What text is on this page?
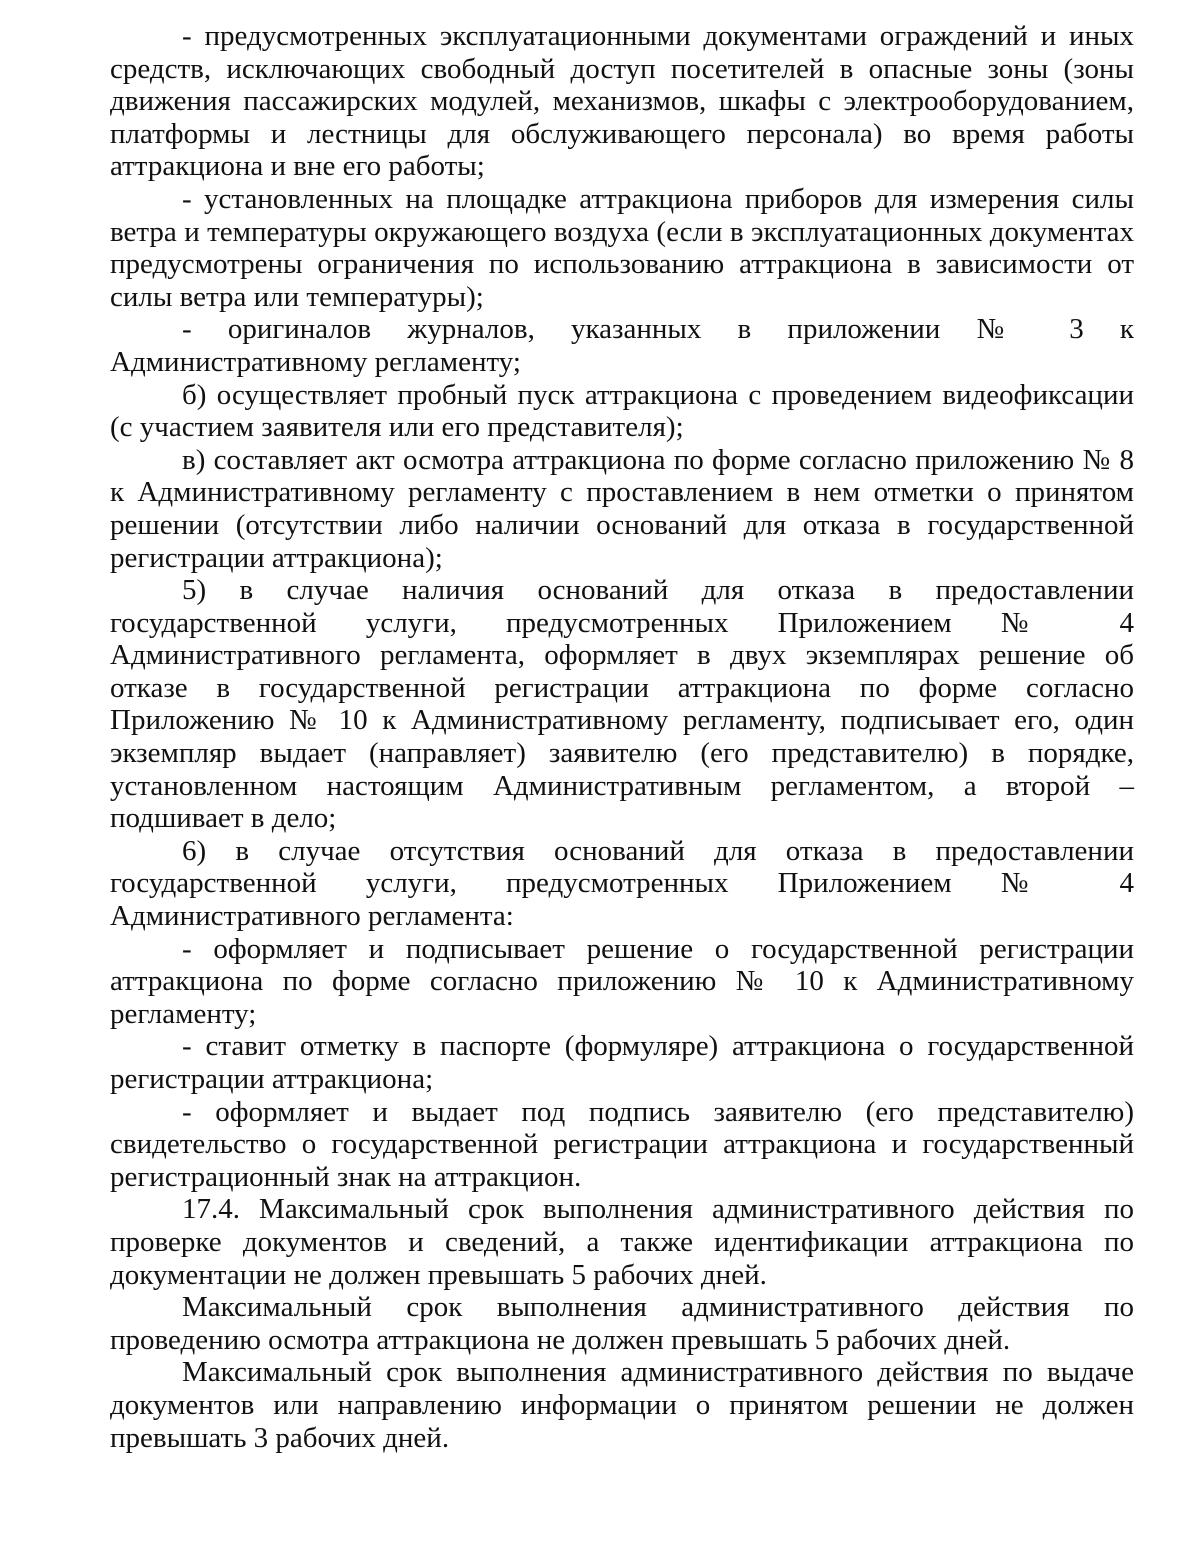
- предусмотренных эксплуатационными документами ограждений и иных средств, исключающих свободный доступ посетителей в опасные зоны (зоны движения пассажирских модулей, механизмов, шкафы с электрооборудованием, платформы и лестницы для обслуживающего персонала) во время работы аттракциона и вне его работы;

- установленных на площадке аттракциона приборов для измерения силы ветра и температуры окружающего воздуха (если в эксплуатационных документах предусмотрены ограничения по использованию аттракциона в зависимости от силы ветра или температуры);

- оригиналов журналов, указанных в приложении № 3 к Административному регламенту;

б) осуществляет пробный пуск аттракциона с проведением видеофиксации (с участием заявителя или его представителя);

в) составляет акт осмотра аттракциона по форме согласно приложению № 8 к Административному регламенту с проставлением в нем отметки о принятом решении (отсутствии либо наличии оснований для отказа в государственной регистрации аттракциона);

5) в случае наличия оснований для отказа в предоставлении государственной услуги, предусмотренных Приложением № 4 Административного регламента, оформляет в двух экземплярах решение об отказе в государственной регистрации аттракциона по форме согласно Приложению № 10 к Административному регламенту, подписывает его, один экземпляр выдает (направляет) заявителю (его представителю) в порядке, установленном настоящим Административным регламентом, а второй – подшивает в дело;

6) в случае отсутствия оснований для отказа в предоставлении государственной услуги, предусмотренных Приложением № 4 Административного регламента:

- оформляет и подписывает решение о государственной регистрации аттракциона по форме согласно приложению № 10 к Административному регламенту;

- ставит отметку в паспорте (формуляре) аттракциона о государственной регистрации аттракциона;

- оформляет и выдает под подпись заявителю (его представителю) свидетельство о государственной регистрации аттракциона и государственный регистрационный знак на аттракцион.

17.4. Максимальный срок выполнения административного действия по проверке документов и сведений, а также идентификации аттракциона по документации не должен превышать 5 рабочих дней.

Максимальный срок выполнения административного действия по проведению осмотра аттракциона не должен превышать 5 рабочих дней.

Максимальный срок выполнения административного действия по выдаче документов или направлению информации о принятом решении не должен превышать 3 рабочих дней.
